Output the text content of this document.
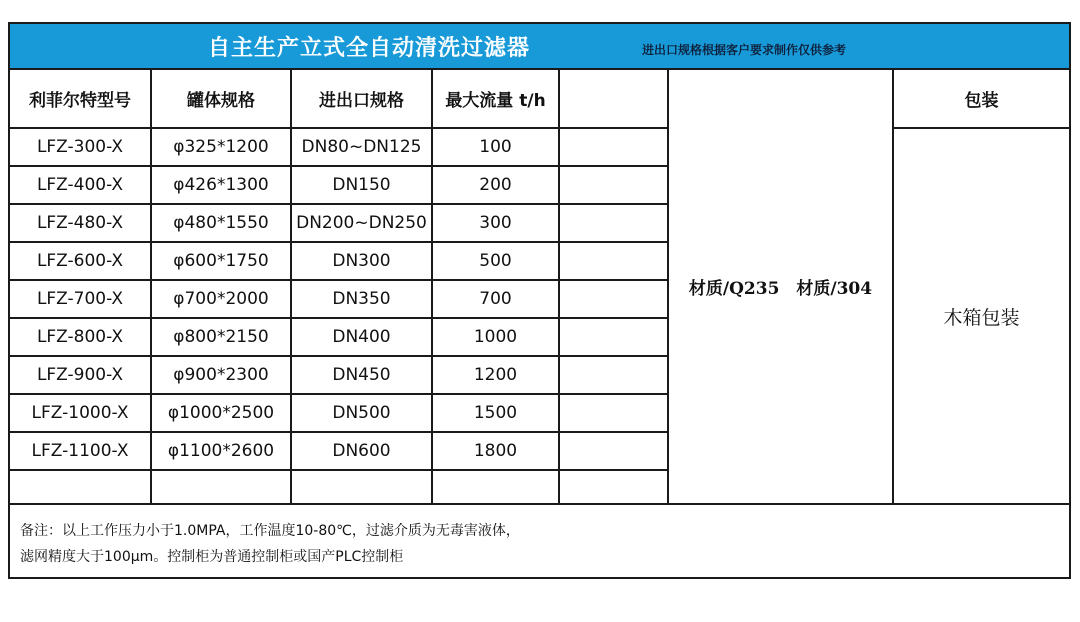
自主生产立式全自动清洗过滤器	进出口规格根据客户要求制作仅供参考
利菲尔特型号	罐体规格	进出口规格	最大流量 t/h		材质/Q235　材质/304	包装
LFZ-300-X	φ325*1200	DN80~DN125	100			木箱包装
LFZ-400-X	φ426*1300	DN150	200			
LFZ-480-X	φ480*1550	DN200~DN250	300			
LFZ-600-X	φ600*1750	DN300	500			
LFZ-700-X	φ700*2000	DN350	700			
LFZ-800-X	φ800*2150	DN400	1000			
LFZ-900-X	φ900*2300	DN450	1200			
LFZ-1000-X	φ1000*2500	DN500	1500			
LFZ-1100-X	φ1100*2600	DN600	1800			

备注：以上工作压力小于1.0MPA，工作温度10-80℃，过滤介质为无毒害液体，
滤网精度大于100μm。控制柜为普通控制柜或国产PLC控制柜
